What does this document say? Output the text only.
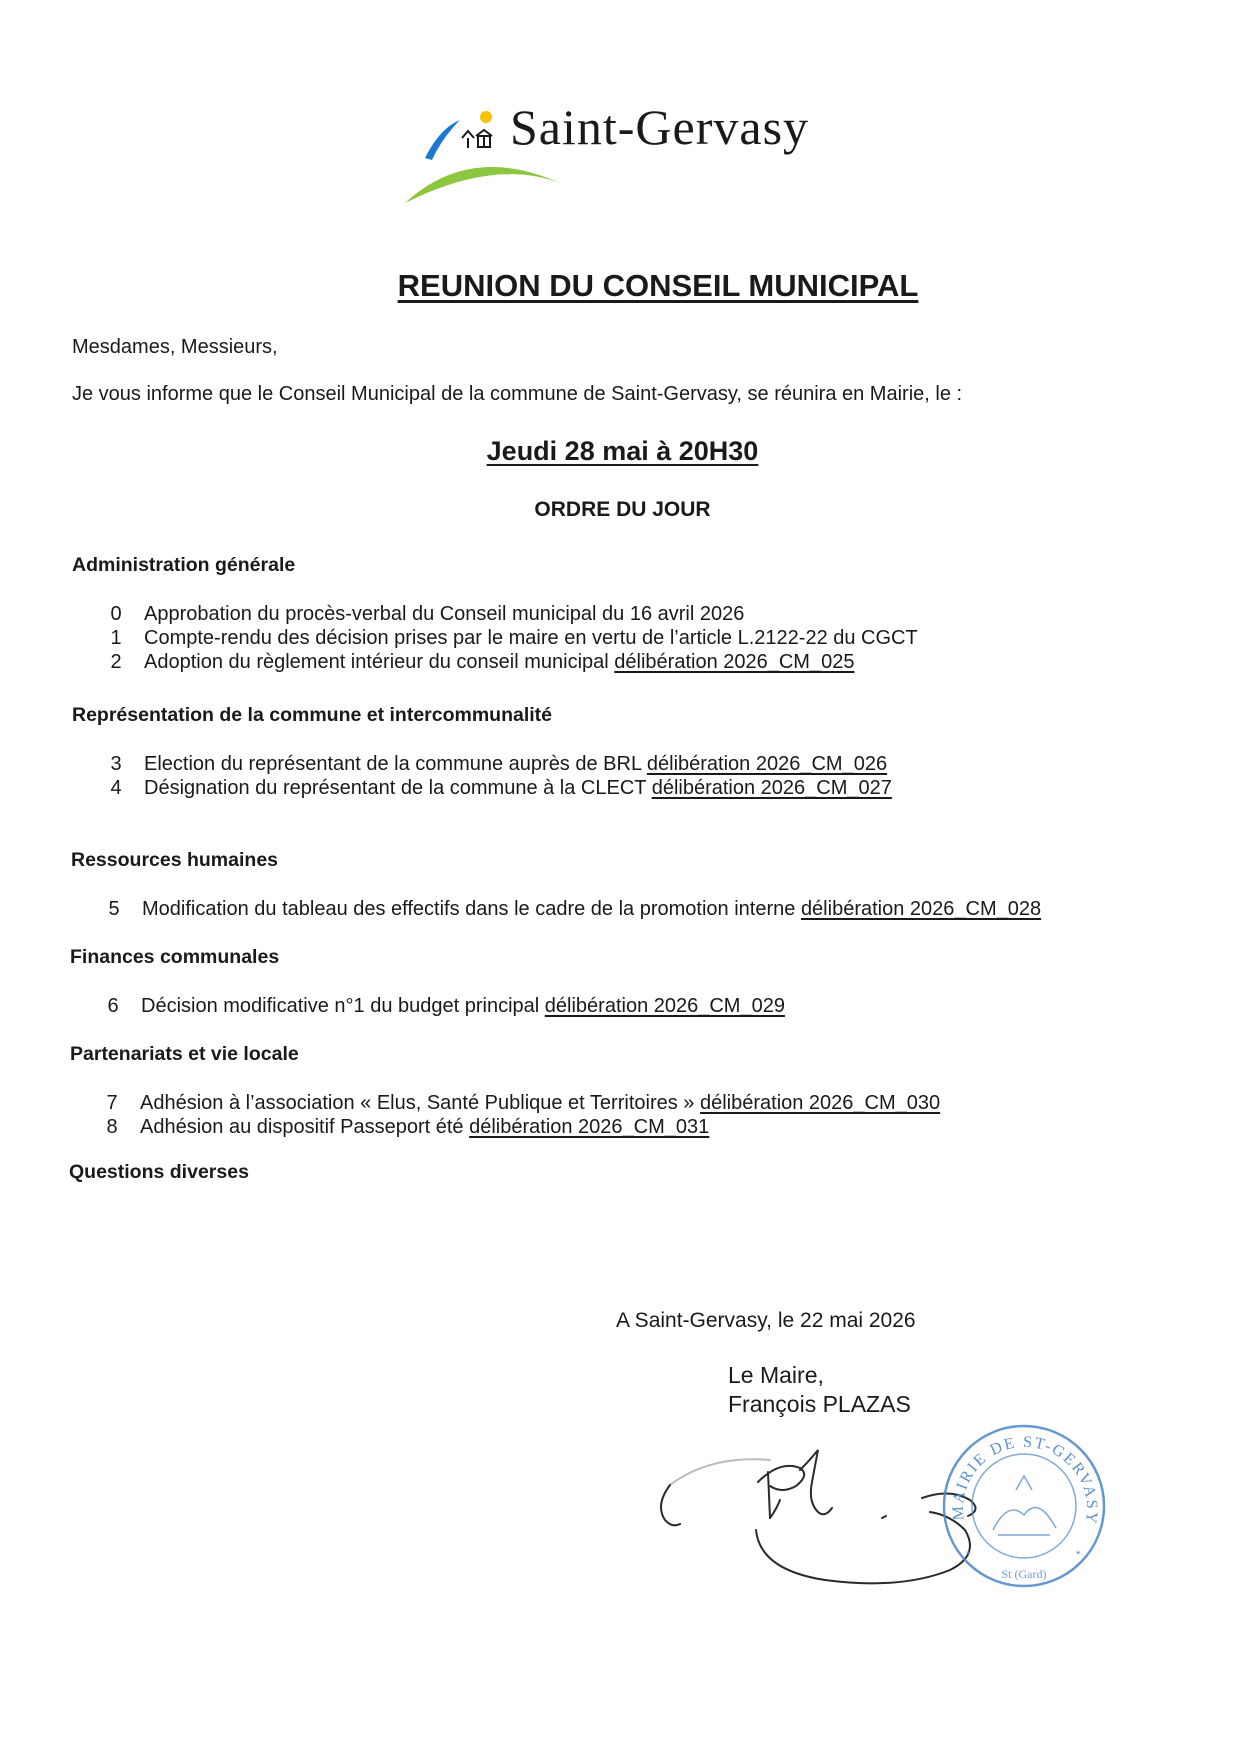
Saint-Gervasy
REUNION DU CONSEIL MUNICIPAL
Mesdames, Messieurs,
Je vous informe que le Conseil Municipal de la commune de Saint-Gervasy, se réunira en Mairie, le :
Jeudi 28 mai à 20H30
ORDRE DU JOUR
Administration générale
0 Approbation du procès-verbal du Conseil municipal du 16 avril 2026
1 Compte-rendu des décision prises par le maire en vertu de l’article L.2122-22 du CGCT
2 Adoption du règlement intérieur du conseil municipal délibération 2026_CM_025
Représentation de la commune et intercommunalité
3 Election du représentant de la commune auprès de BRL délibération 2026_CM_026
4 Désignation du représentant de la commune à la CLECT délibération 2026_CM_027
Ressources humaines
5 Modification du tableau des effectifs dans le cadre de la promotion interne délibération 2026_CM_028
Finances communales
6 Décision modificative n°1 du budget principal délibération 2026_CM_029
Partenariats et vie locale
7 Adhésion à l’association « Elus, Santé Publique et Territoires » délibération 2026_CM_030
8 Adhésion au dispositif Passeport été délibération 2026_CM_031
Questions diverses
A Saint-Gervasy, le 22 mai 2026
Le Maire,
François PLAZAS
MAIRIE DE ST-GERVASY
St (Gard)
*	*
